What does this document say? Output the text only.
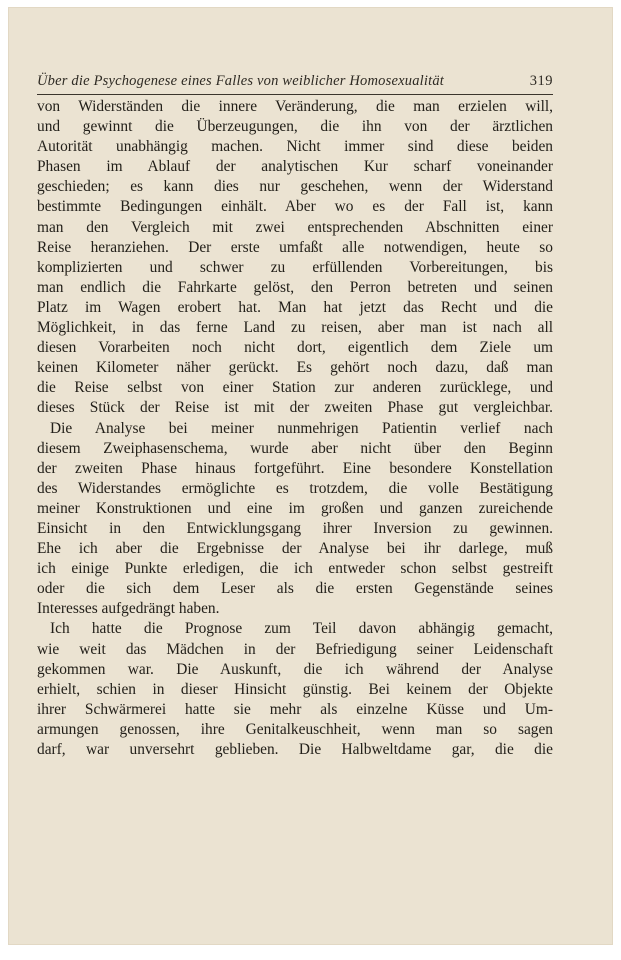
Über die Psychogenese eines Falles von weiblicher Homosexualität	319
von Widerständen die innere Veränderung, die man erzielen will,
und gewinnt die Überzeugungen, die ihn von der ärztlichen
Autorität unabhängig machen. Nicht immer sind diese beiden
Phasen im Ablauf der analytischen Kur scharf voneinander
geschieden; es kann dies nur geschehen, wenn der Widerstand
bestimmte Bedingungen einhält. Aber wo es der Fall ist, kann
man den Vergleich mit zwei entsprechenden Abschnitten einer
Reise heranziehen. Der erste umfaßt alle notwendigen, heute so
komplizierten und schwer zu erfüllenden Vorbereitungen, bis
man endlich die Fahrkarte gelöst, den Perron betreten und seinen
Platz im Wagen erobert hat. Man hat jetzt das Recht und die
Möglichkeit, in das ferne Land zu reisen, aber man ist nach all
diesen Vorarbeiten noch nicht dort, eigentlich dem Ziele um
keinen Kilometer näher gerückt. Es gehört noch dazu, daß man
die Reise selbst von einer Station zur anderen zurücklege, und
dieses Stück der Reise ist mit der zweiten Phase gut vergleichbar.
Die Analyse bei meiner nunmehrigen Patientin verlief nach
diesem Zweiphasenschema, wurde aber nicht über den Beginn
der zweiten Phase hinaus fortgeführt. Eine besondere Konstellation
des Widerstandes ermöglichte es trotzdem, die volle Bestätigung
meiner Konstruktionen und eine im großen und ganzen zureichende
Einsicht in den Entwicklungsgang ihrer Inversion zu gewinnen.
Ehe ich aber die Ergebnisse der Analyse bei ihr darlege, muß
ich einige Punkte erledigen, die ich entweder schon selbst gestreift
oder die sich dem Leser als die ersten Gegenstände seines
Interesses aufgedrängt haben.
Ich hatte die Prognose zum Teil davon abhängig gemacht,
wie weit das Mädchen in der Befriedigung seiner Leidenschaft
gekommen war. Die Auskunft, die ich während der Analyse
erhielt, schien in dieser Hinsicht günstig. Bei keinem der Objekte
ihrer Schwärmerei hatte sie mehr als einzelne Küsse und Um-
armungen genossen, ihre Genitalkeuschheit, wenn man so sagen
darf, war unversehrt geblieben. Die Halbweltdame gar, die die
